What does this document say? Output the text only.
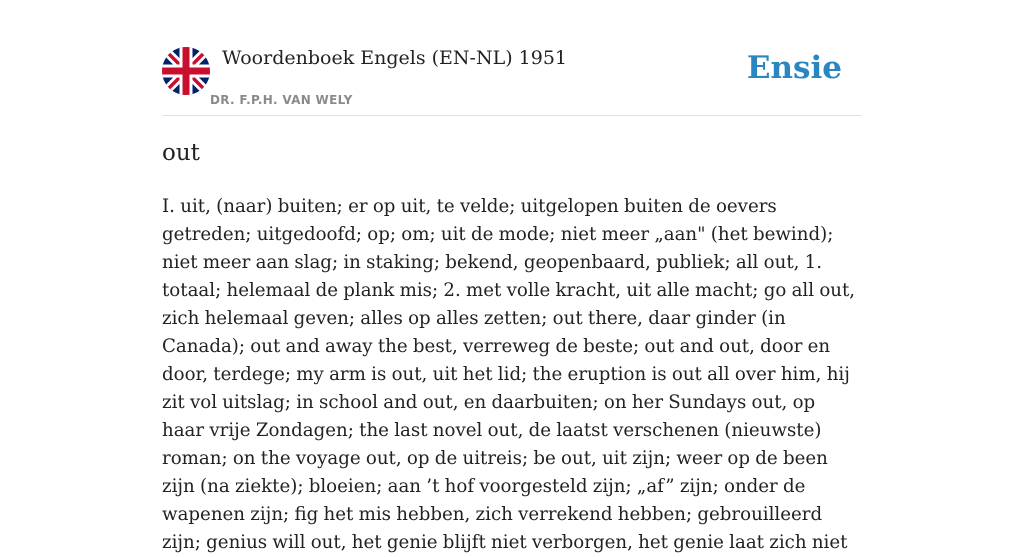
Woordenboek Engels (EN-NL) 1951
DR. F.P.H. VAN WELY
Ensie
out

I. uit, (naar) buiten; er op uit, te velde; uitgelopen buiten de oevers getreden; uitgedoofd; op; om; uit de mode; niet meer „aan" (het bewind); niet meer aan slag; in staking; bekend, geopenbaard, publiek; all out, 1. totaal; helemaal de plank mis; 2. met volle kracht, uit alle macht; go all out, zich helemaal geven; alles op alles zetten; out there, daar ginder (in Canada); out and away the best, verreweg de beste; out and out, door en door, terdege; my arm is out, uit het lid; the eruption is out all over him, hij zit vol uitslag; in school and out, en daarbuiten; on her Sundays out, op haar vrije Zondagen; the last novel out, de laatst verschenen (nieuwste) roman; on the voyage out, op de uitreis; be out, uit zijn; weer op de been zijn (na ziekte); bloeien; aan ’t hof voorgesteld zijn; „af” zijn; onder de wapenen zijn; fig het mis hebben, zich verrekend hebben; gebrouilleerd zijn; genius will out, het genie blijft niet verborgen, het genie laat zich niet
